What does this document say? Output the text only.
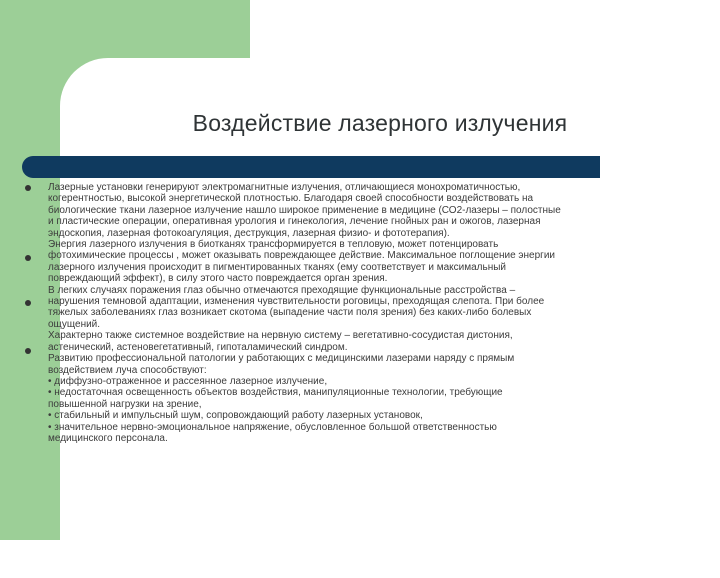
Воздействие лазерного излучения
Лазерные установки генерируют электромагнитные излучения, отличающиеся монохроматичностью,
когерентностью, высокой энергетической плотностью. Благодаря своей способности воздействовать на
биологические ткани лазерное излучение нашло широкое применение в медицине (СО2-лазеры – полостные
и пластические операции, оперативная урология и гинекология, лечение гнойных ран и ожогов, лазерная
эндоскопия, лазерная фотокоагуляция, деструкция, лазерная физио- и фототерапия).
Энергия лазерного излучения в биотканях трансформируется в тепловую, может потенцировать
фотохимические процессы , может оказывать повреждающее действие. Максимальное поглощение энергии
лазерного излучения происходит в пигментированных тканях (ему соответствует и максимальный
повреждающий эффект), в силу этого часто повреждается орган зрения.
В легких случаях поражения глаз обычно отмечаются преходящие функциональные расстройства –
нарушения темновой адаптации, изменения чувствительности роговицы, преходящая слепота. При более
тяжелых заболеваниях глаз возникает скотома (выпадение части поля зрения) без каких-либо болевых
ощущений.
Характерно также системное воздействие на нервную систему – вегетативно-сосудистая дистония,
астенический, астеновегетативный, гипоталамический синдром.
Развитию профессиональной патологии у работающих с медицинскими лазерами наряду с прямым
воздействием луча способствуют:
• диффузно-отраженное и рассеянное лазерное излучение,
• недостаточная освещенность объектов воздействия, манипуляционные технологии, требующие
повышенной нагрузки на зрение,
• стабильный и импульсный шум, сопровождающий работу лазерных установок,
• значительное нервно-эмоциональное напряжение, обусловленное большой ответственностью
медицинского персонала.
